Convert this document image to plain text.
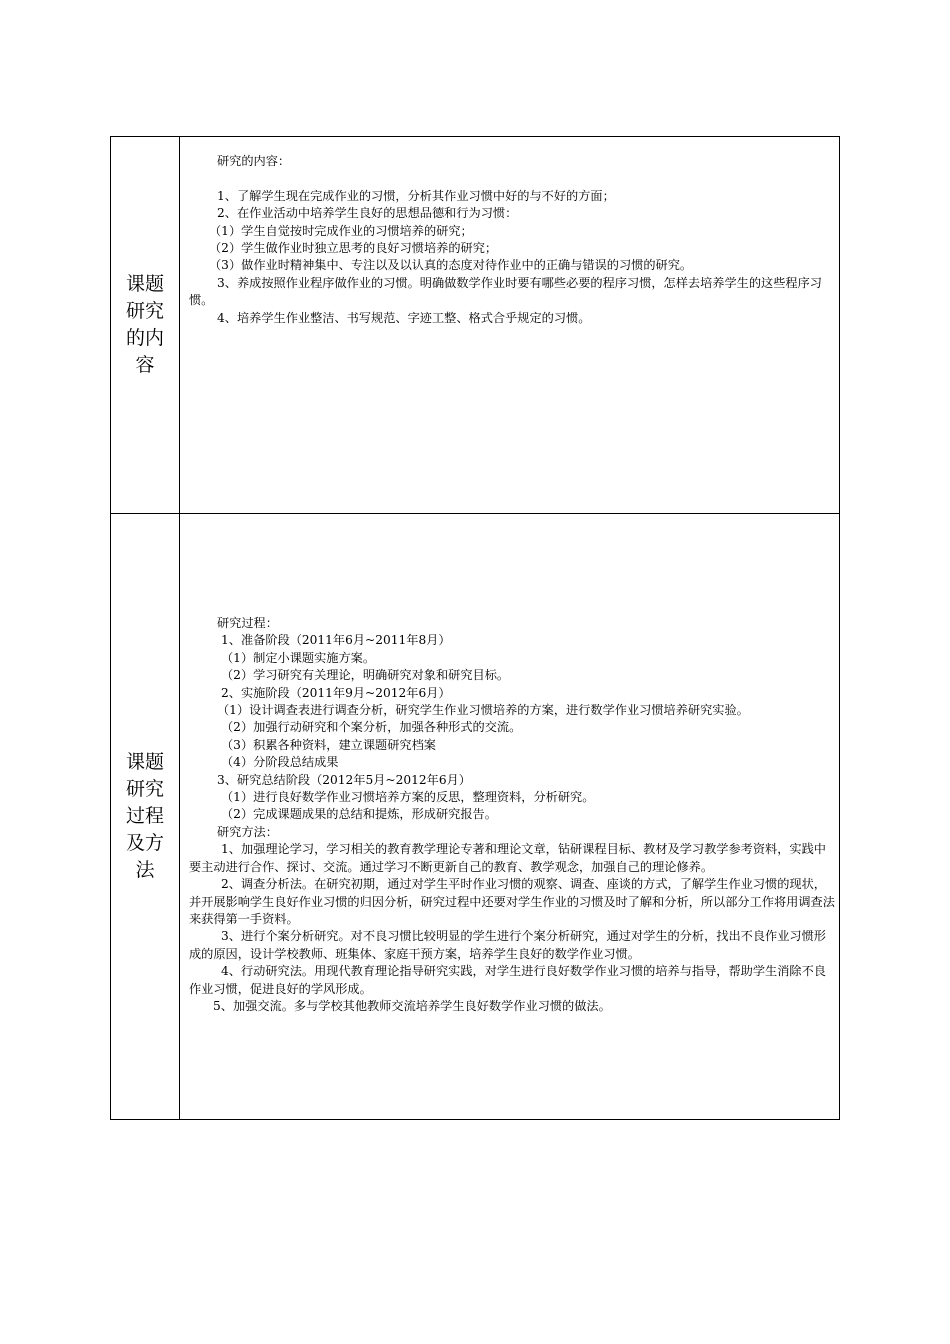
课题研究的内容
研究的内容：
1、了解学生现在完成作业的习惯，分析其作业习惯中好的与不好的方面；
2、在作业活动中培养学生良好的思想品德和行为习惯：
（1）学生自觉按时完成作业的习惯培养的研究；
（2）学生做作业时独立思考的良好习惯培养的研究；
（3）做作业时精神集中、专注以及以认真的态度对待作业中的正确与错误的习惯的研究。
3、养成按照作业程序做作业的习惯。明确做数学作业时要有哪些必要的程序习惯，怎样去培养学生的这些程序习惯。
4、培养学生作业整洁、书写规范、字迹工整、格式合乎规定的习惯。
课题研究过程及方法
研究过程：
1、准备阶段（2011年6月~2011年8月）
（1）制定小课题实施方案。
（2）学习研究有关理论，明确研究对象和研究目标。
2、实施阶段（2011年9月~2012年6月）
（1）设计调查表进行调查分析，研究学生作业习惯培养的方案，进行数学作业习惯培养研究实验。
（2）加强行动研究和个案分析，加强各种形式的交流。
（3）积累各种资料，建立课题研究档案
（4）分阶段总结成果
3、研究总结阶段（2012年5月~2012年6月）
（1）进行良好数学作业习惯培养方案的反思，整理资料，分析研究。
（2）完成课题成果的总结和提炼，形成研究报告。
研究方法：
1、加强理论学习，学习相关的教育教学理论专著和理论文章，钻研课程目标、教材及学习教学参考资料，实践中要主动进行合作、探讨、交流。通过学习不断更新自己的教育、教学观念，加强自己的理论修养。
2、调查分析法。在研究初期，通过对学生平时作业习惯的观察、调查、座谈的方式，了解学生作业习惯的现状，并开展影响学生良好作业习惯的归因分析，研究过程中还要对学生作业的习惯及时了解和分析，所以部分工作将用调查法来获得第一手资料。
3、进行个案分析研究。对不良习惯比较明显的学生进行个案分析研究，通过对学生的分析，找出不良作业习惯形成的原因，设计学校教师、班集体、家庭干预方案，培养学生良好的数学作业习惯。
4、行动研究法。用现代教育理论指导研究实践，对学生进行良好数学作业习惯的培养与指导，帮助学生消除不良作业习惯，促进良好的学风形成。
5、加强交流。多与学校其他教师交流培养学生良好数学作业习惯的做法。
